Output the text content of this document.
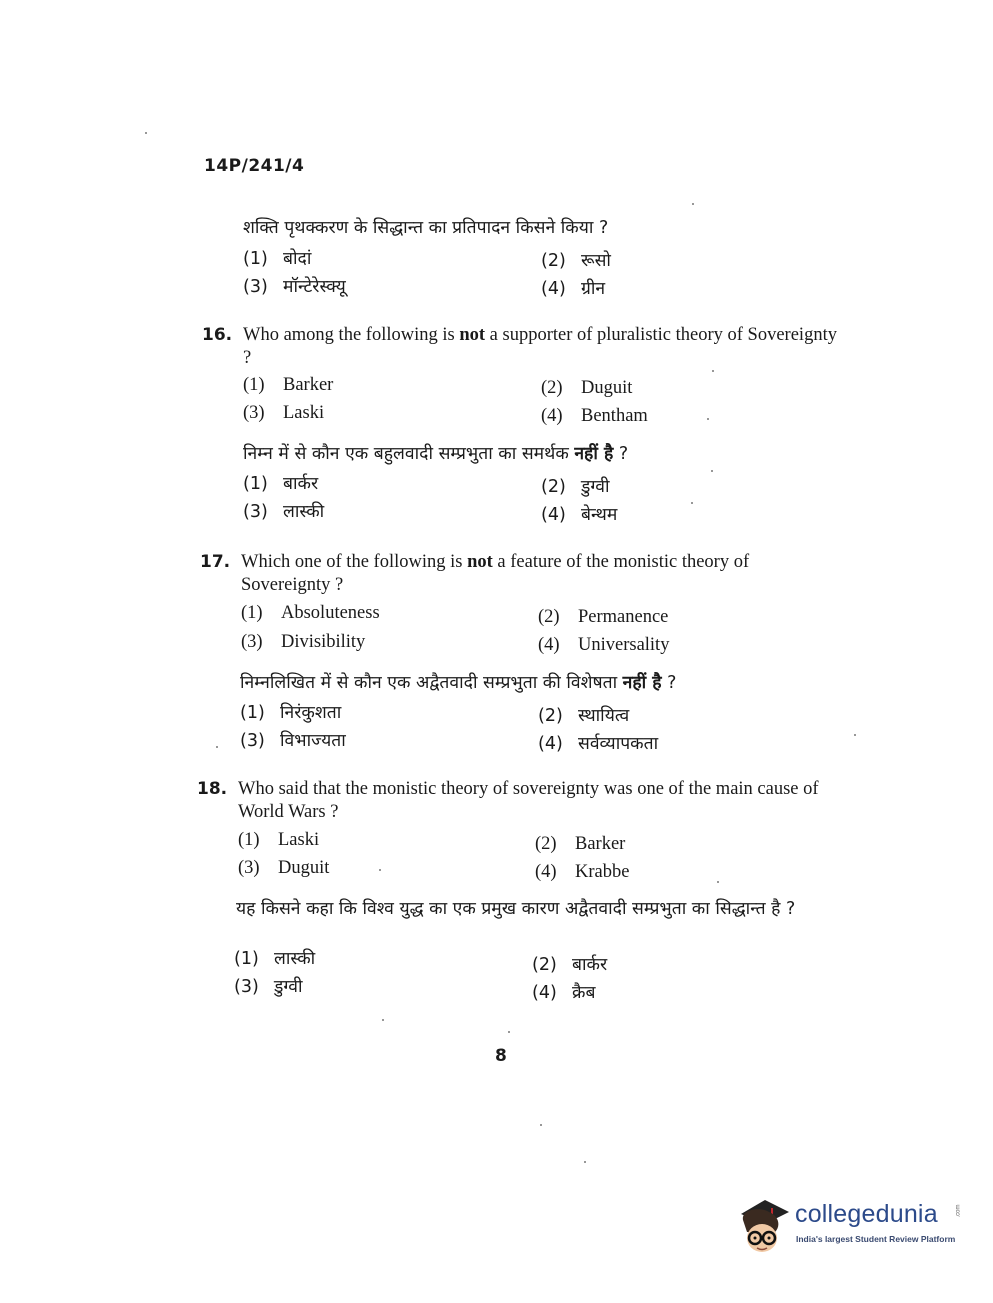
14P/241/4
शक्ति पृथक्करण के सिद्धान्त का प्रतिपादन किसने किया ?
(1) बोदां	(2) रूसो
(3) मॉन्टेरेस्क्यू	(4) ग्रीन
16. Who among the following is not a supporter of pluralistic theory of Sovereignty ?
(1) Barker	(2) Duguit
(3) Laski	(4) Bentham
निम्न में से कौन एक बहुलवादी सम्प्रभुता का समर्थक नहीं है ?
(1) बार्कर	(2) डुग्वी
(3) लास्की	(4) बेन्थम
17. Which one of the following is not a feature of the monistic theory of Sovereignty ?
(1) Absoluteness	(2) Permanence
(3) Divisibility	(4) Universality
निम्नलिखित में से कौन एक अद्वैतवादी सम्प्रभुता की विशेषता नहीं है ?
(1) निरंकुशता	(2) स्थायित्व
(3) विभाज्यता	(4) सर्वव्यापकता
18. Who said that the monistic theory of sovereignty was one of the main cause of World Wars ?
(1) Laski	(2) Barker
(3) Duguit	(4) Krabbe
यह किसने कहा कि विश्व युद्ध का एक प्रमुख कारण अद्वैतवादी सम्प्रभुता का सिद्धान्त है ?
(1) लास्की	(2) बार्कर
(3) डुग्वी	(4) क्रैब
8
collegedunia	.com
India's largest Student Review Platform
